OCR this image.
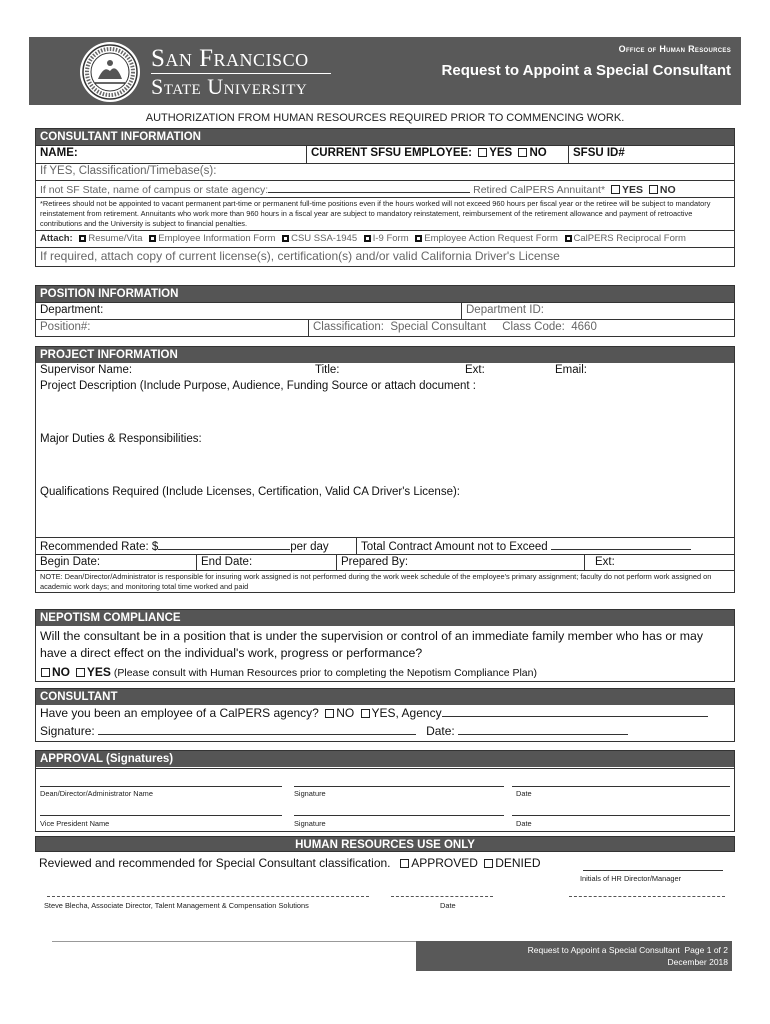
San Francisco
State University
Office of Human Resources
Request to Appoint a Special Consultant
AUTHORIZATION FROM HUMAN RESOURCES REQUIRED PRIOR TO COMMENCING WORK.
CONSULTANT INFORMATION
NAME:	CURRENT SFSU EMPLOYEE: YES NO	SFSU ID#
If YES, Classification/Timebase(s):
If not SF State, name of campus or state agency:	Retired CalPERS Annuitant* YES NO
*Retirees should not be appointed to vacant permanent part-time or permanent full-time positions even if the hours worked will not exceed 960 hours per fiscal year or the retiree will be subject to mandatory reinstatement from retirement. Annuitants who work more than 960 hours in a fiscal year are subject to mandatory reinstatement, reimbursement of the retirement allowance and payment of retroactive contributions and the University is subject to financial penalties.
Attach: Resume/Vita Employee Information Form CSU SSA-1945 I-9 Form Employee Action Request Form CalPERS Reciprocal Form
If required, attach copy of current license(s), certification(s) and/or valid California Driver's License
POSITION INFORMATION
Department:	Department ID:
Position#:	Classification: Special Consultant Class Code: 4660
PROJECT INFORMATION
Supervisor Name:	Title:	Ext:	Email:
Project Description (Include Purpose, Audience, Funding Source or attach document :
Major Duties & Responsibilities:
Qualifications Required (Include Licenses, Certification, Valid CA Driver's License):
Recommended Rate: $	per day	Total Contract Amount not to Exceed
Begin Date:	End Date:	Prepared By:	Ext:
NOTE: Dean/Director/Administrator is responsible for insuring work assigned is not performed during the work week schedule of the employee's primary assignment; faculty do not perform work assigned on academic work days; and monitoring total time worked and paid
NEPOTISM COMPLIANCE
Will the consultant be in a position that is under the supervision or control of an immediate family member who has or may have a direct effect on the individual's work, progress or performance?
NO YES (Please consult with Human Resources prior to completing the Nepotism Compliance Plan)
CONSULTANT
Have you been an employee of a CalPERS agency? NO YES, Agency
Signature:	Date:
APPROVAL (Signatures)
Dean/Director/Administrator Name	Signature	Date
Vice President Name	Signature	Date
HUMAN RESOURCES USE ONLY
Reviewed and recommended for Special Consultant classification. APPROVED DENIED
Initials of HR Director/Manager
Steve Blecha, Associate Director, Talent Management & Compensation Solutions	Date
Request to Appoint a Special Consultant Page 1 of 2
December 2018
